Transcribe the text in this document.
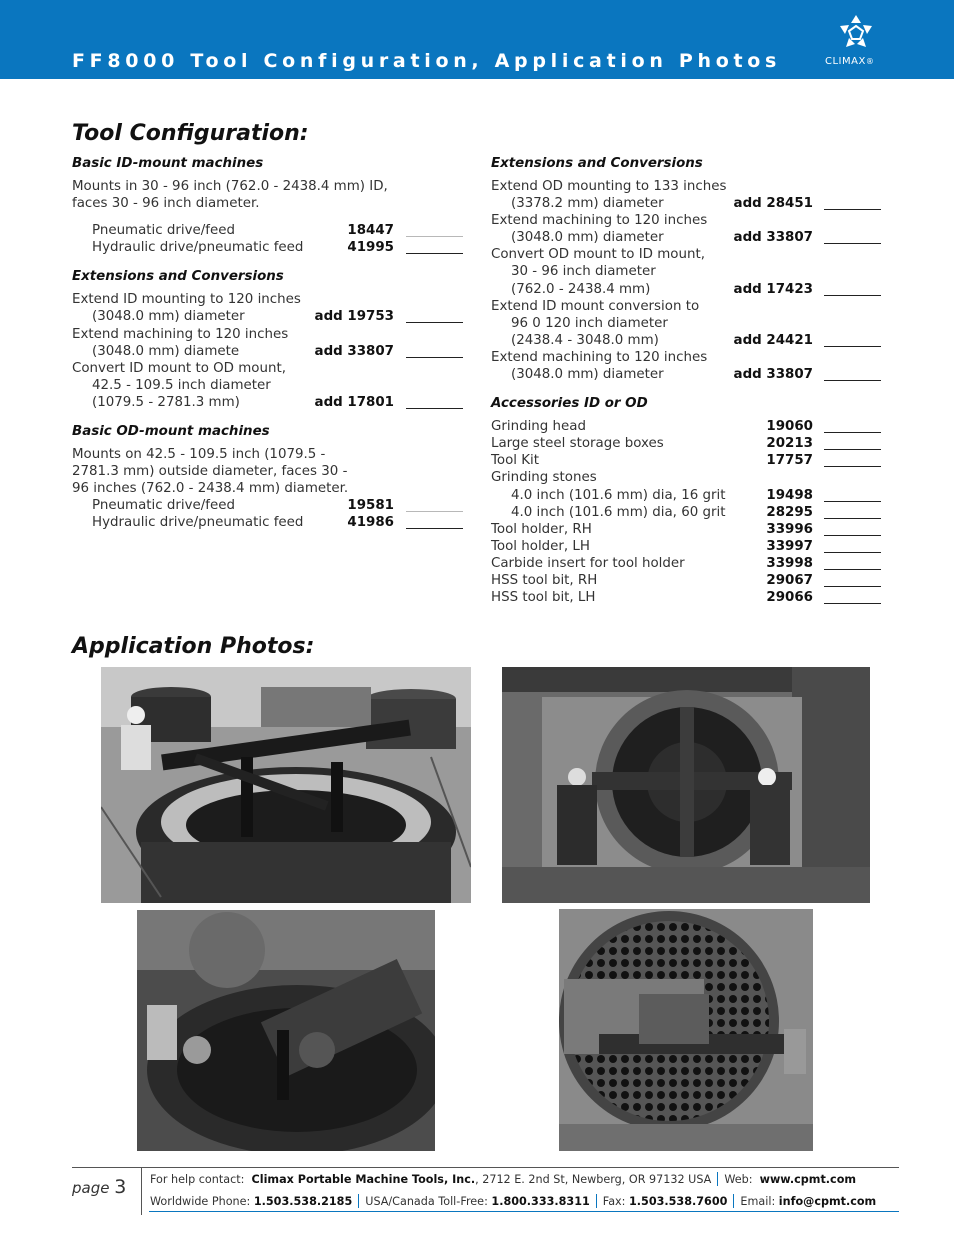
FF8000 Tool Configuration, Application Photos	CLIMAX®
Tool Configuration:
Basic ID-mount machines
Mounts in 30 - 96 inch (762.0 - 2438.4 mm) ID,
faces 30 - 96 inch diameter.
Pneumatic drive/feed	18447
Hydraulic drive/pneumatic feed	41995
Extensions and Conversions
Extend ID mounting to 120 inches
(3048.0 mm) diameter	add 19753
Extend machining to 120 inches
(3048.0 mm) diamete	add 33807
Convert ID mount to OD mount,
42.5 - 109.5 inch diameter
(1079.5 - 2781.3 mm)	add 17801
Basic OD-mount machines
Mounts on 42.5 - 109.5 inch (1079.5 -
2781.3 mm) outside diameter, faces 30 -
96 inches (762.0 - 2438.4 mm) diameter.
Pneumatic drive/feed	19581
Hydraulic drive/pneumatic feed	41986
Extensions and Conversions
Extend OD mounting to 133 inches
(3378.2 mm) diameter	add 28451
Extend machining to 120 inches
(3048.0 mm) diameter	add 33807
Convert OD mount to ID mount,
30 - 96 inch diameter
(762.0 - 2438.4 mm)	add 17423
Extend ID mount conversion to
96 0 120 inch diameter
(2438.4 - 3048.0 mm)	add 24421
Extend machining to 120 inches
(3048.0 mm) diameter	add 33807
Accessories ID or OD
Grinding head	19060
Large steel storage boxes	20213
Tool Kit	17757
Grinding stones
4.0 inch (101.6 mm) dia, 16 grit	19498
4.0 inch (101.6 mm) dia, 60 grit	28295
Tool holder, RH	33996
Tool holder, LH	33997
Carbide insert for tool holder	33998
HSS tool bit, RH	29067
HSS tool bit, LH	29066
Application Photos:
page 3 For help contact: Climax Portable Machine Tools, Inc., 2712 E. 2nd St, Newberg, OR 97132 USA Web: www.cpmt.com
Worldwide Phone: 1.503.538.2185 USA/Canada Toll-Free: 1.800.333.8311 Fax: 1.503.538.7600 Email: info@cpmt.com
